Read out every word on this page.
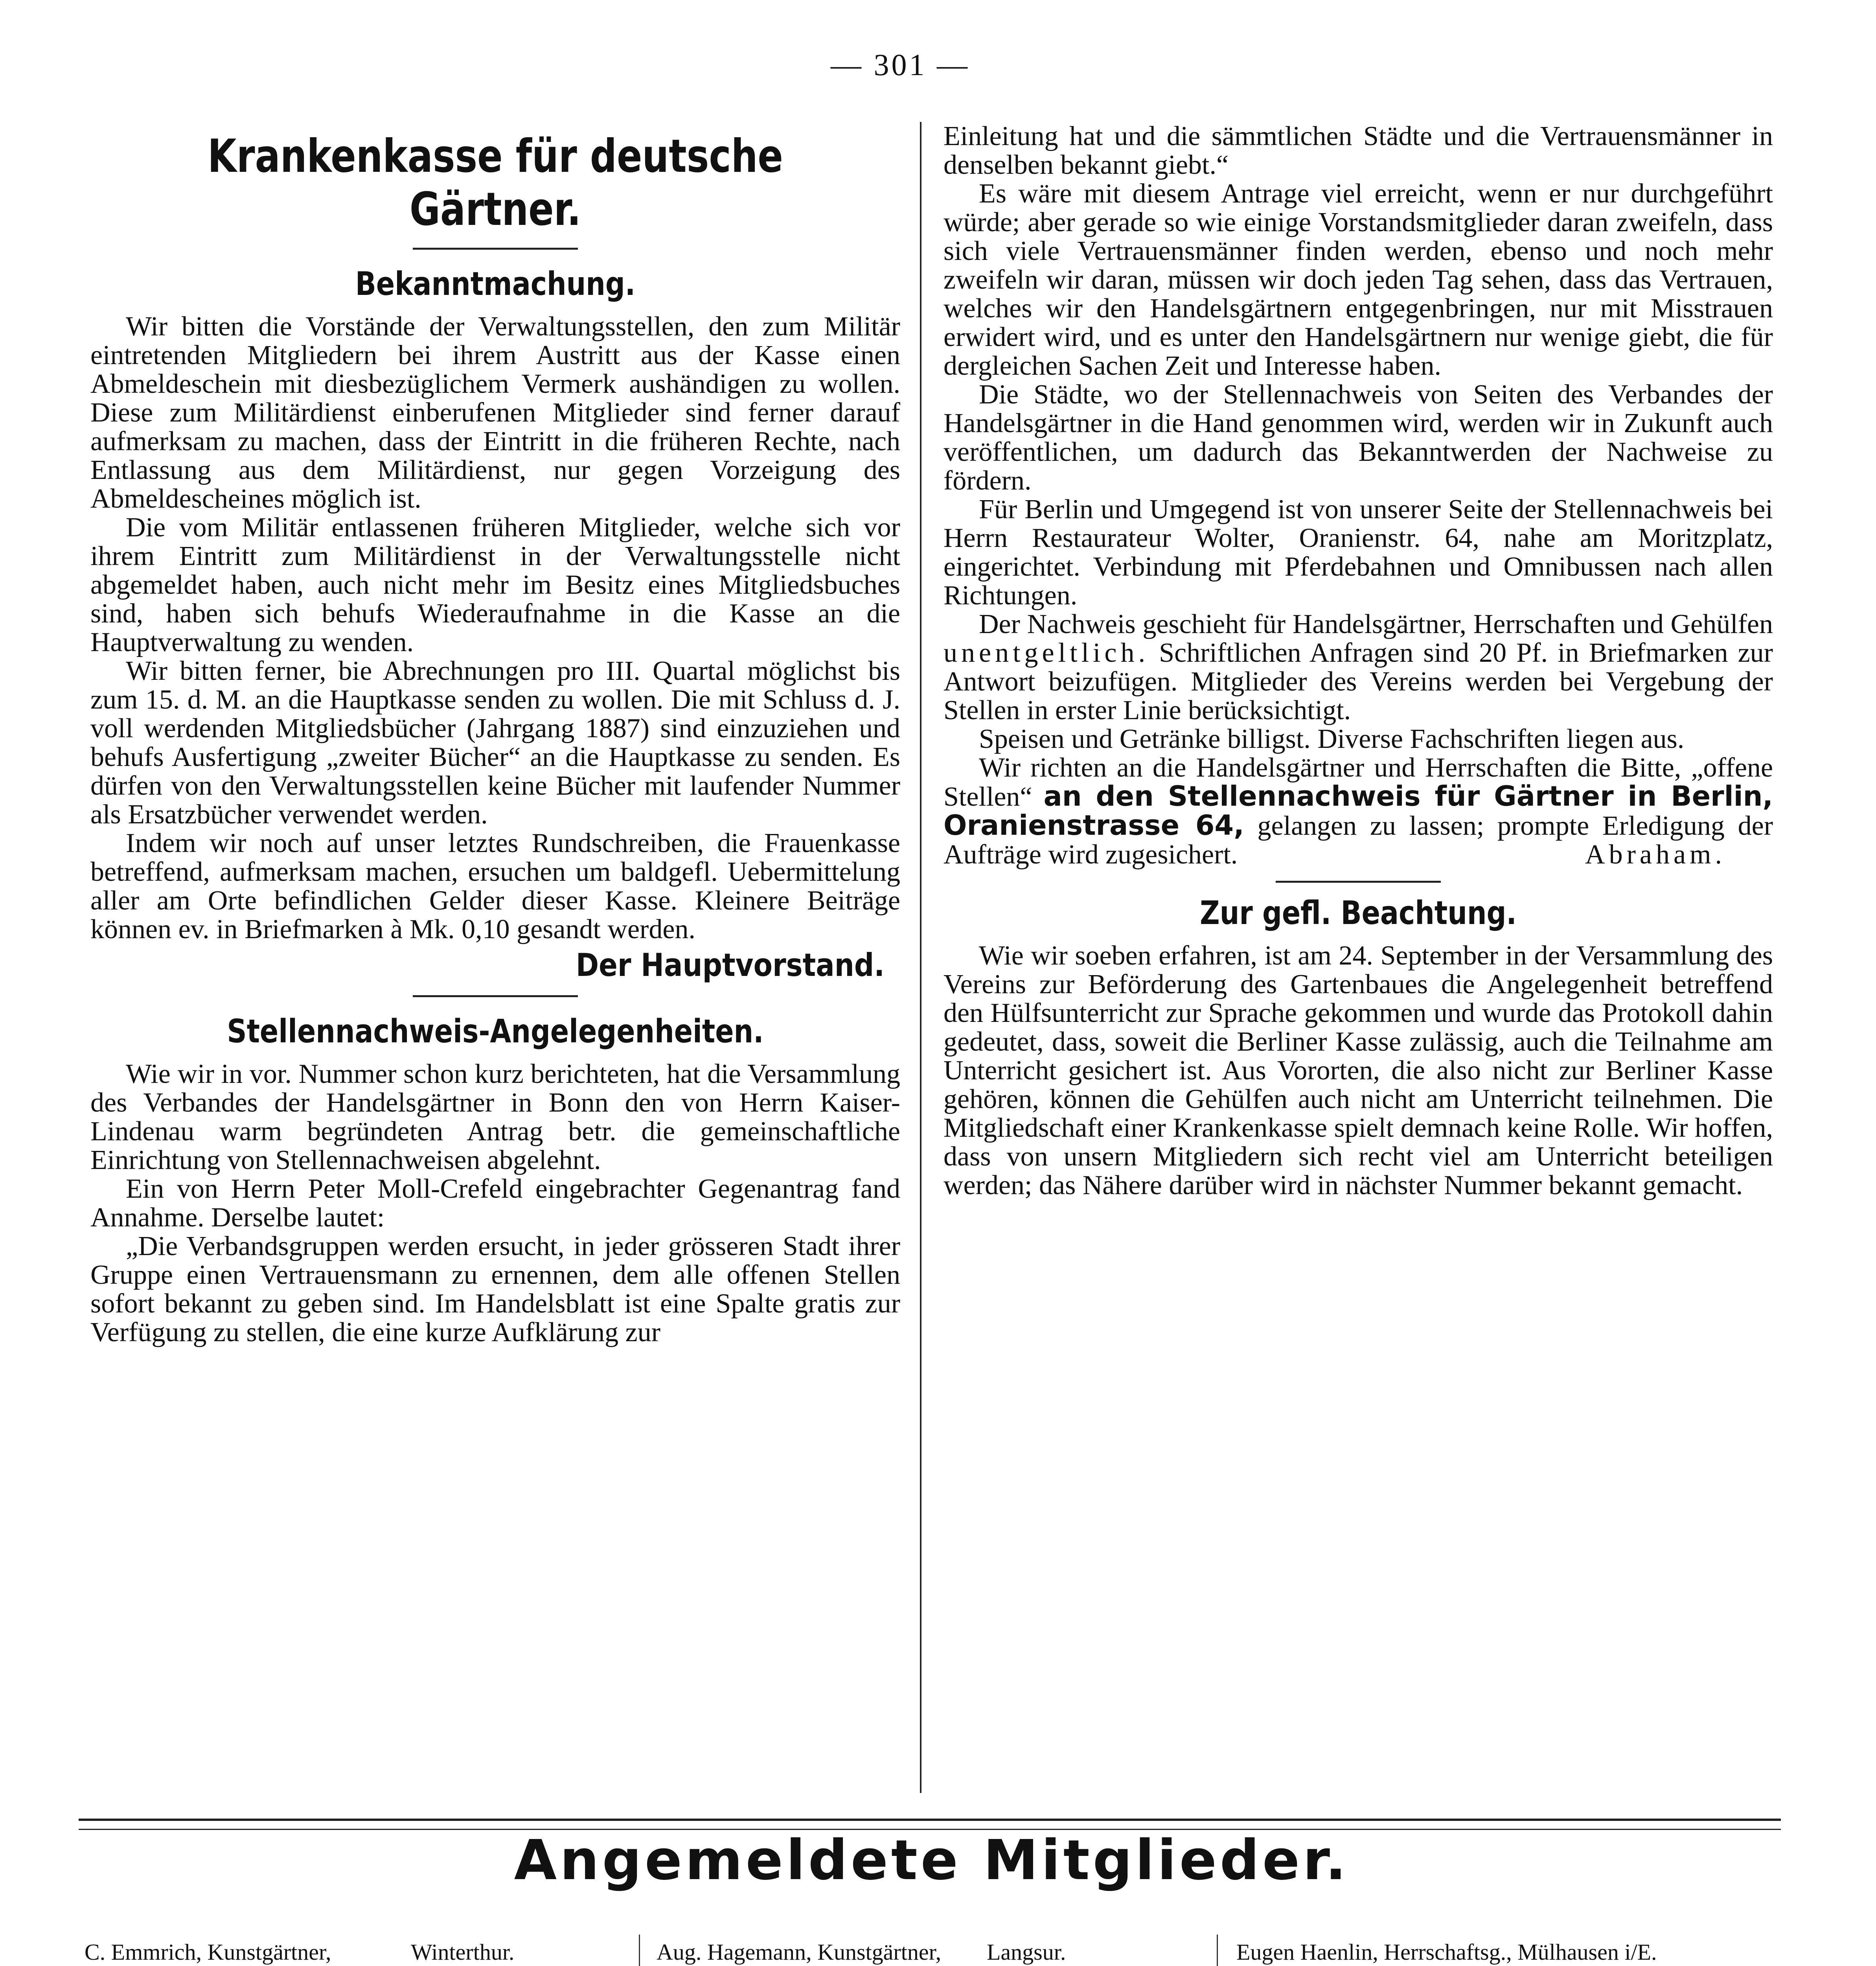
— 301 —
Krankenkasse für deutsche Gärtner.
Bekanntmachung.

Wir bitten die Vorstände der Verwaltungsstellen, den zum Militär eintretenden Mitgliedern bei ihrem Austritt aus der Kasse einen Abmeldeschein mit diesbezüglichem Vermerk aushändigen zu wollen. Diese zum Militärdienst einberufenen Mitglieder sind ferner darauf aufmerksam zu machen, dass der Eintritt in die früheren Rechte, nach Entlassung aus dem Militärdienst, nur gegen Vorzeigung des Abmeldescheines möglich ist.

Die vom Militär entlassenen früheren Mitglieder, welche sich vor ihrem Eintritt zum Militärdienst in der Verwaltungsstelle nicht abgemeldet haben, auch nicht mehr im Besitz eines Mitgliedsbuches sind, haben sich behufs Wiederaufnahme in die Kasse an die Hauptverwaltung zu wenden.

Wir bitten ferner, bie Abrechnungen pro III. Quartal möglichst bis zum 15. d. M. an die Hauptkasse senden zu wollen. Die mit Schluss d. J. voll werdenden Mitgliedsbücher (Jahrgang 1887) sind einzuziehen und behufs Ausfertigung „zweiter Bücher“ an die Hauptkasse zu senden. Es dürfen von den Verwaltungsstellen keine Bücher mit laufender Nummer als Ersatzbücher verwendet werden.

Indem wir noch auf unser letztes Rundschreiben, die Frauenkasse betreffend, aufmerksam machen, ersuchen um baldgefl. Uebermittelung aller am Orte befindlichen Gelder dieser Kasse. Kleinere Beiträge können ev. in Briefmarken à Mk. 0,10 gesandt werden.

Der Hauptvorstand.
Stellennachweis-Angelegenheiten.

Wie wir in vor. Nummer schon kurz berichteten, hat die Versammlung des Verbandes der Handelsgärtner in Bonn den von Herrn Kaiser-Lindenau warm begründeten Antrag betr. die gemeinschaftliche Einrichtung von Stellennachweisen abgelehnt.

Ein von Herrn Peter Moll-Crefeld eingebrachter Gegenantrag fand Annahme. Derselbe lautet:

„Die Verbandsgruppen werden ersucht, in jeder grösseren Stadt ihrer Gruppe einen Vertrauensmann zu ernennen, dem alle offenen Stellen sofort bekannt zu geben sind. Im Handelsblatt ist eine Spalte gratis zur Verfügung zu stellen, die eine kurze Aufklärung zur

Einleitung hat und die sämmtlichen Städte und die Vertrauensmänner in denselben bekannt giebt.“

Es wäre mit diesem Antrage viel erreicht, wenn er nur durchgeführt würde; aber gerade so wie einige Vorstandsmitglieder daran zweifeln, dass sich viele Vertrauensmänner finden werden, ebenso und noch mehr zweifeln wir daran, müssen wir doch jeden Tag sehen, dass das Vertrauen, welches wir den Handelsgärtnern entgegenbringen, nur mit Misstrauen erwidert wird, und es unter den Handelsgärtnern nur wenige giebt, die für dergleichen Sachen Zeit und Interesse haben.

Die Städte, wo der Stellennachweis von Seiten des Verbandes der Handelsgärtner in die Hand genommen wird, werden wir in Zukunft auch veröffentlichen, um dadurch das Bekanntwerden der Nachweise zu fördern.

Für Berlin und Umgegend ist von unserer Seite der Stellennachweis bei Herrn Restaurateur Wolter, Oranienstr. 64, nahe am Moritzplatz, eingerichtet. Verbindung mit Pferdebahnen und Omnibussen nach allen Richtungen.

Der Nachweis geschieht für Handelsgärtner, Herrschaften und Gehülfen unentgeltlich. Schriftlichen Anfragen sind 20 Pf. in Briefmarken zur Antwort beizufügen. Mitglieder des Vereins werden bei Vergebung der Stellen in erster Linie berücksichtigt.

Speisen und Getränke billigst. Diverse Fachschriften liegen aus.

Wir richten an die Handelsgärtner und Herrschaften die Bitte, „offene Stellen“ an den Stellennachweis für Gärtner in Berlin, Oranienstrasse 64, gelangen zu lassen; prompte Erledigung der Aufträge wird zugesichert.	Abraham.
Zur gefl. Beachtung.

Wie wir soeben erfahren, ist am 24. September in der Versammlung des Vereins zur Beförderung des Gartenbaues die Angelegenheit betreffend den Hülfsunterricht zur Sprache gekommen und wurde das Protokoll dahin gedeutet, dass, soweit die Berliner Kasse zulässig, auch die Teilnahme am Unterricht gesichert ist. Aus Vororten, die also nicht zur Berliner Kasse gehören, können die Gehülfen auch nicht am Unterricht teilnehmen. Die Mitgliedschaft einer Krankenkasse spielt demnach keine Rolle. Wir hoffen, dass von unsern Mitgliedern sich recht viel am Unterricht beteiligen werden; das Nähere darüber wird in nächster Nummer bekannt gemacht.

Angemeldete Mitglieder.
C. Emmrich, Kunstgärtner,	Winterthur.	Aug. Hagemann, Kunstgärtner, Langsur.	Eugen Haenlin, Herrschaftsg., Mülhausen i/E.
